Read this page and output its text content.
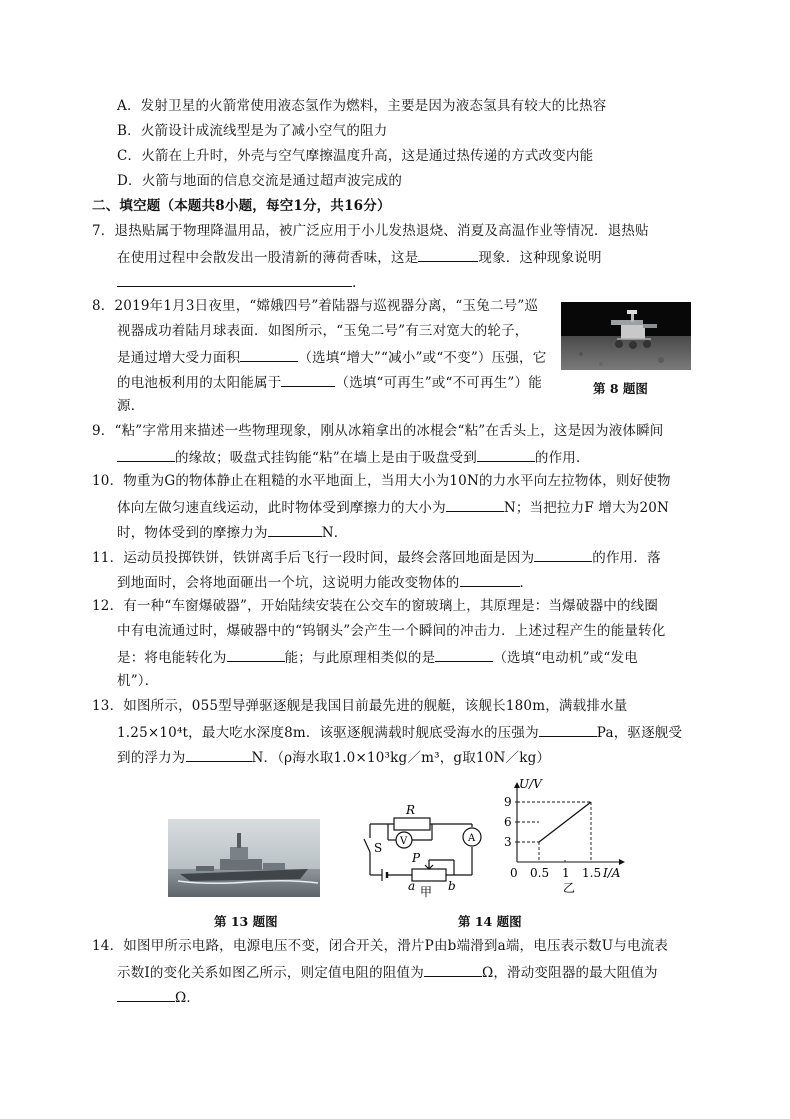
A．发射卫星的火箭常使用液态氢作为燃料，主要是因为液态氢具有较大的比热容
B．火箭设计成流线型是为了减小空气的阻力
C．火箭在上升时，外壳与空气摩擦温度升高，这是通过热传递的方式改变内能
D．火箭与地面的信息交流是通过超声波完成的
二、填空题（本题共8小题，每空1分，共16分）
7．退热贴属于物理降温用品，被广泛应用于小儿发热退烧、消夏及高温作业等情况．退热贴
在使用过程中会散发出一股清新的薄荷香味，这是	现象．这种现象说明
.
8．2019年1月3日夜里，“嫦娥四号”着陆器与巡视器分离，“玉兔二号”巡
视器成功着陆月球表面．如图所示，“玉兔二号”有三对宽大的轮子，
是通过增大受力面积	（选填“增大”“减小”或“不变”）压强，它
的电池板利用的太阳能属于	（选填“可再生”或“不可再生”）能
源．
第 8 题图
9．“粘”字常用来描述一些物理现象，刚从冰箱拿出的冰棍会“粘”在舌头上，这是因为液体瞬间
的缘故；吸盘式挂钩能“粘”在墙上是由于吸盘受到	的作用．
10．物重为G的物体静止在粗糙的水平地面上，当用大小为10N的力水平向左拉物体，则好使物
体向左做匀速直线运动，此时物体受到摩擦力的大小为	N；当把拉力F 增大为20N
时，物体受到的摩擦力为	N．
11．运动员投掷铁饼，铁饼离手后飞行一段时间，最终会落回地面是因为	的作用．落
到地面时，会将地面砸出一个坑，这说明力能改变物体的	．
12．有一种“车窗爆破器”，开始陆续安装在公交车的窗玻璃上，其原理是：当爆破器中的线圈
中有电流通过时，爆破器中的“钨钢头”会产生一个瞬间的冲击力．上述过程产生的能量转化
是：将电能转化为	能；与此原理相类似的是	（选填“电动机”或“发电
机”）．
13．如图所示，055型导弹驱逐舰是我国目前最先进的舰艇，该舰长180m，满载排水量
1.25×10⁴t，最大吃水深度8m．该驱逐舰满载时舰底受海水的压强为	Pa，驱逐舰受
到的浮力为	N．（ρ海水取1.0×10³kg／m³，g取10N／kg）
第 13 题图
R
V	A
S
P
a	b
甲
U/V
9
6
3
0 0.5 1 1.5 I/A
乙
第 14 题图
14．如图甲所示电路，电源电压不变，闭合开关，滑片P由b端滑到a端，电压表示数U与电流表
示数I的变化关系如图乙所示，则定值电阻的阻值为	Ω，滑动变阻器的最大阻值为
Ω．
